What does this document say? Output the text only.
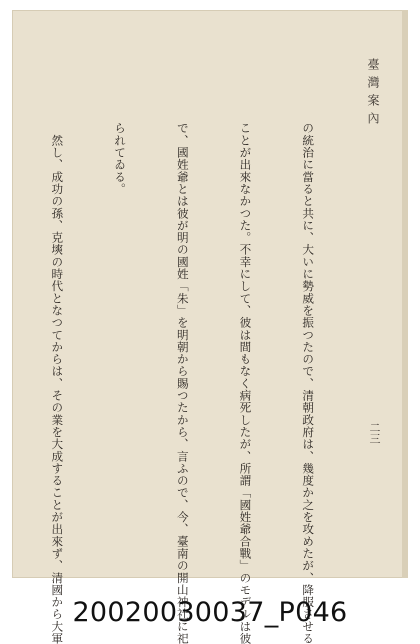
臺灣案內
二三

の統治に當ると共に、大いに勢威を振つたので、清朝政府は、幾度か之を攻めたが、降服させる

ことが出來なかつた。不幸にして、彼は間もなく病死したが、所謂「國姓爺合戰」のモデルは彼

で、國姓爺とは彼が明の國姓「朱」を明朝から賜つたから、言ふので、今、臺南の開山神社に祀

られてゐる。

　然し、成功の孫、克塽の時代となつてからは、その業を大成することが出來ず、清國から大軍

20020030037_P046
